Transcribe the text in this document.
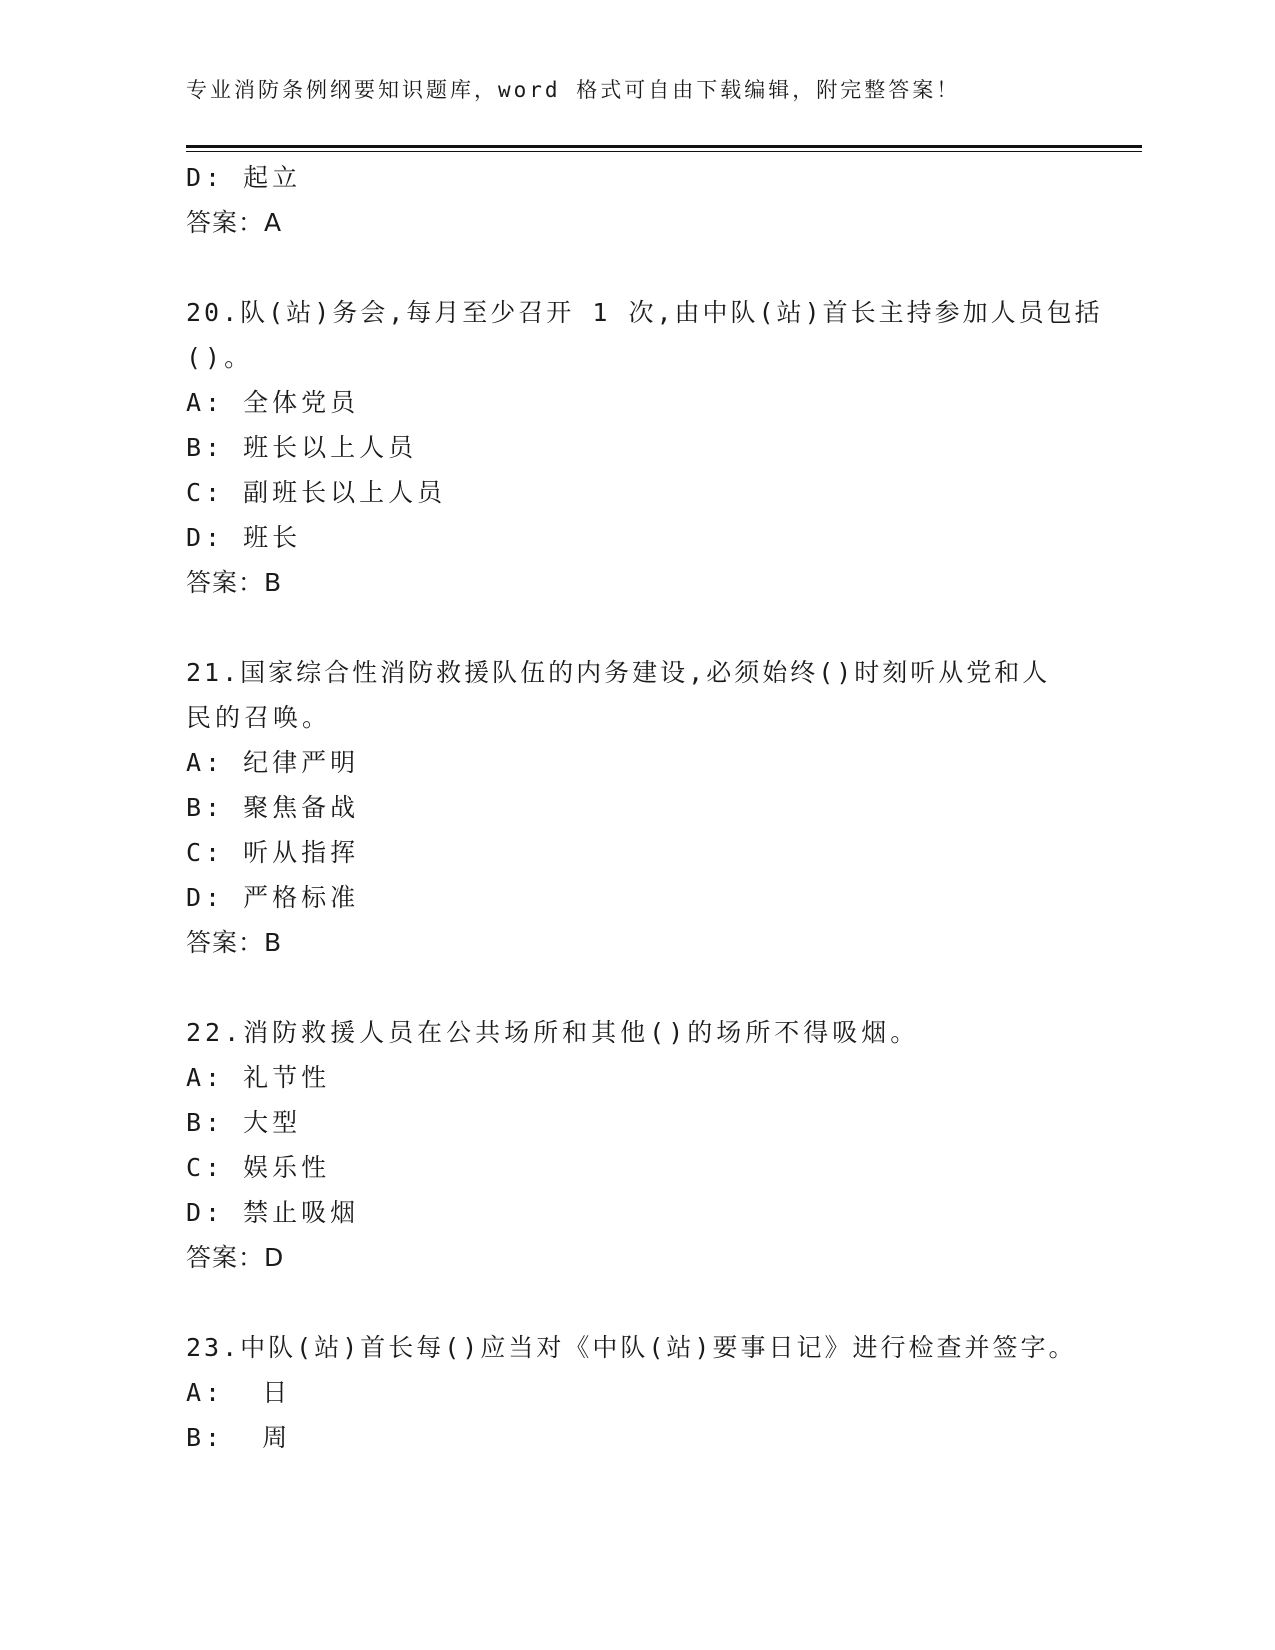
专业消防条例纲要知识题库，word 格式可自由下载编辑，附完整答案！
D: 起立
答案：A
20.队(站)务会,每月至少召开 1 次,由中队(站)首长主持参加人员包括
()。
A: 全体党员
B: 班长以上人员
C: 副班长以上人员
D: 班长
答案：B
21.国家综合性消防救援队伍的内务建设,必须始终()时刻听从党和人
民的召唤。
A: 纪律严明
B: 聚焦备战
C: 听从指挥
D: 严格标准
答案：B
22.消防救援人员在公共场所和其他()的场所不得吸烟。
A: 礼节性
B: 大型
C: 娱乐性
D: 禁止吸烟
答案：D
23.中队(站)首长每()应当对《中队(站)要事日记》进行检查并签字。
A:  日
B:  周
